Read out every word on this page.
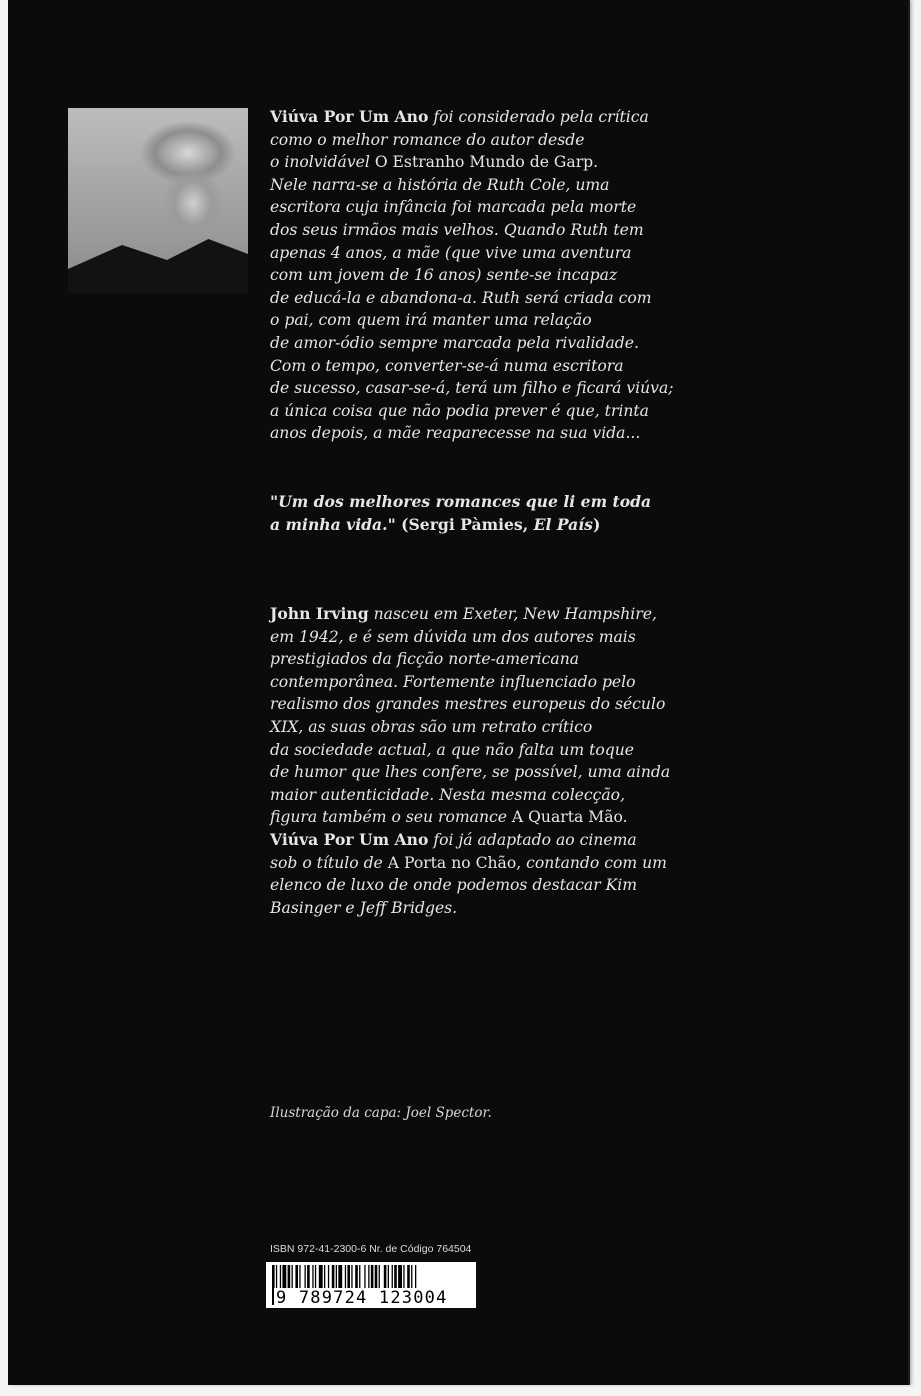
Viúva Por Um Ano foi considerado pela crítica
como o melhor romance do autor desde
o inolvidável O Estranho Mundo de Garp.
Nele narra-se a história de Ruth Cole, uma
escritora cuja infância foi marcada pela morte
dos seus irmãos mais velhos. Quando Ruth tem
apenas 4 anos, a mãe (que vive uma aventura
com um jovem de 16 anos) sente-se incapaz
de educá-la e abandona-a. Ruth será criada com
o pai, com quem irá manter uma relação
de amor-ódio sempre marcada pela rivalidade.
Com o tempo, converter-se-á numa escritora
de sucesso, casar-se-á, terá um filho e ficará viúva;
a única coisa que não podia prever é que, trinta
anos depois, a mãe reaparecesse na sua vida...
"Um dos melhores romances que li em toda
a minha vida." (Sergi Pàmies, El País)
John Irving nasceu em Exeter, New Hampshire,
em 1942, e é sem dúvida um dos autores mais
prestigiados da ficção norte-americana
contemporânea. Fortemente influenciado pelo
realismo dos grandes mestres europeus do século
XIX, as suas obras são um retrato crítico
da sociedade actual, a que não falta um toque
de humor que lhes confere, se possível, uma ainda
maior autenticidade. Nesta mesma colecção,
figura também o seu romance A Quarta Mão.
Viúva Por Um Ano foi já adaptado ao cinema
sob o título de A Porta no Chão, contando com um
elenco de luxo de onde podemos destacar Kim
Basinger e Jeff Bridges.
Ilustração da capa: Joel Spector.
ISBN 972-41-2300-6 Nr. de Código 764504
9 789724 123004
